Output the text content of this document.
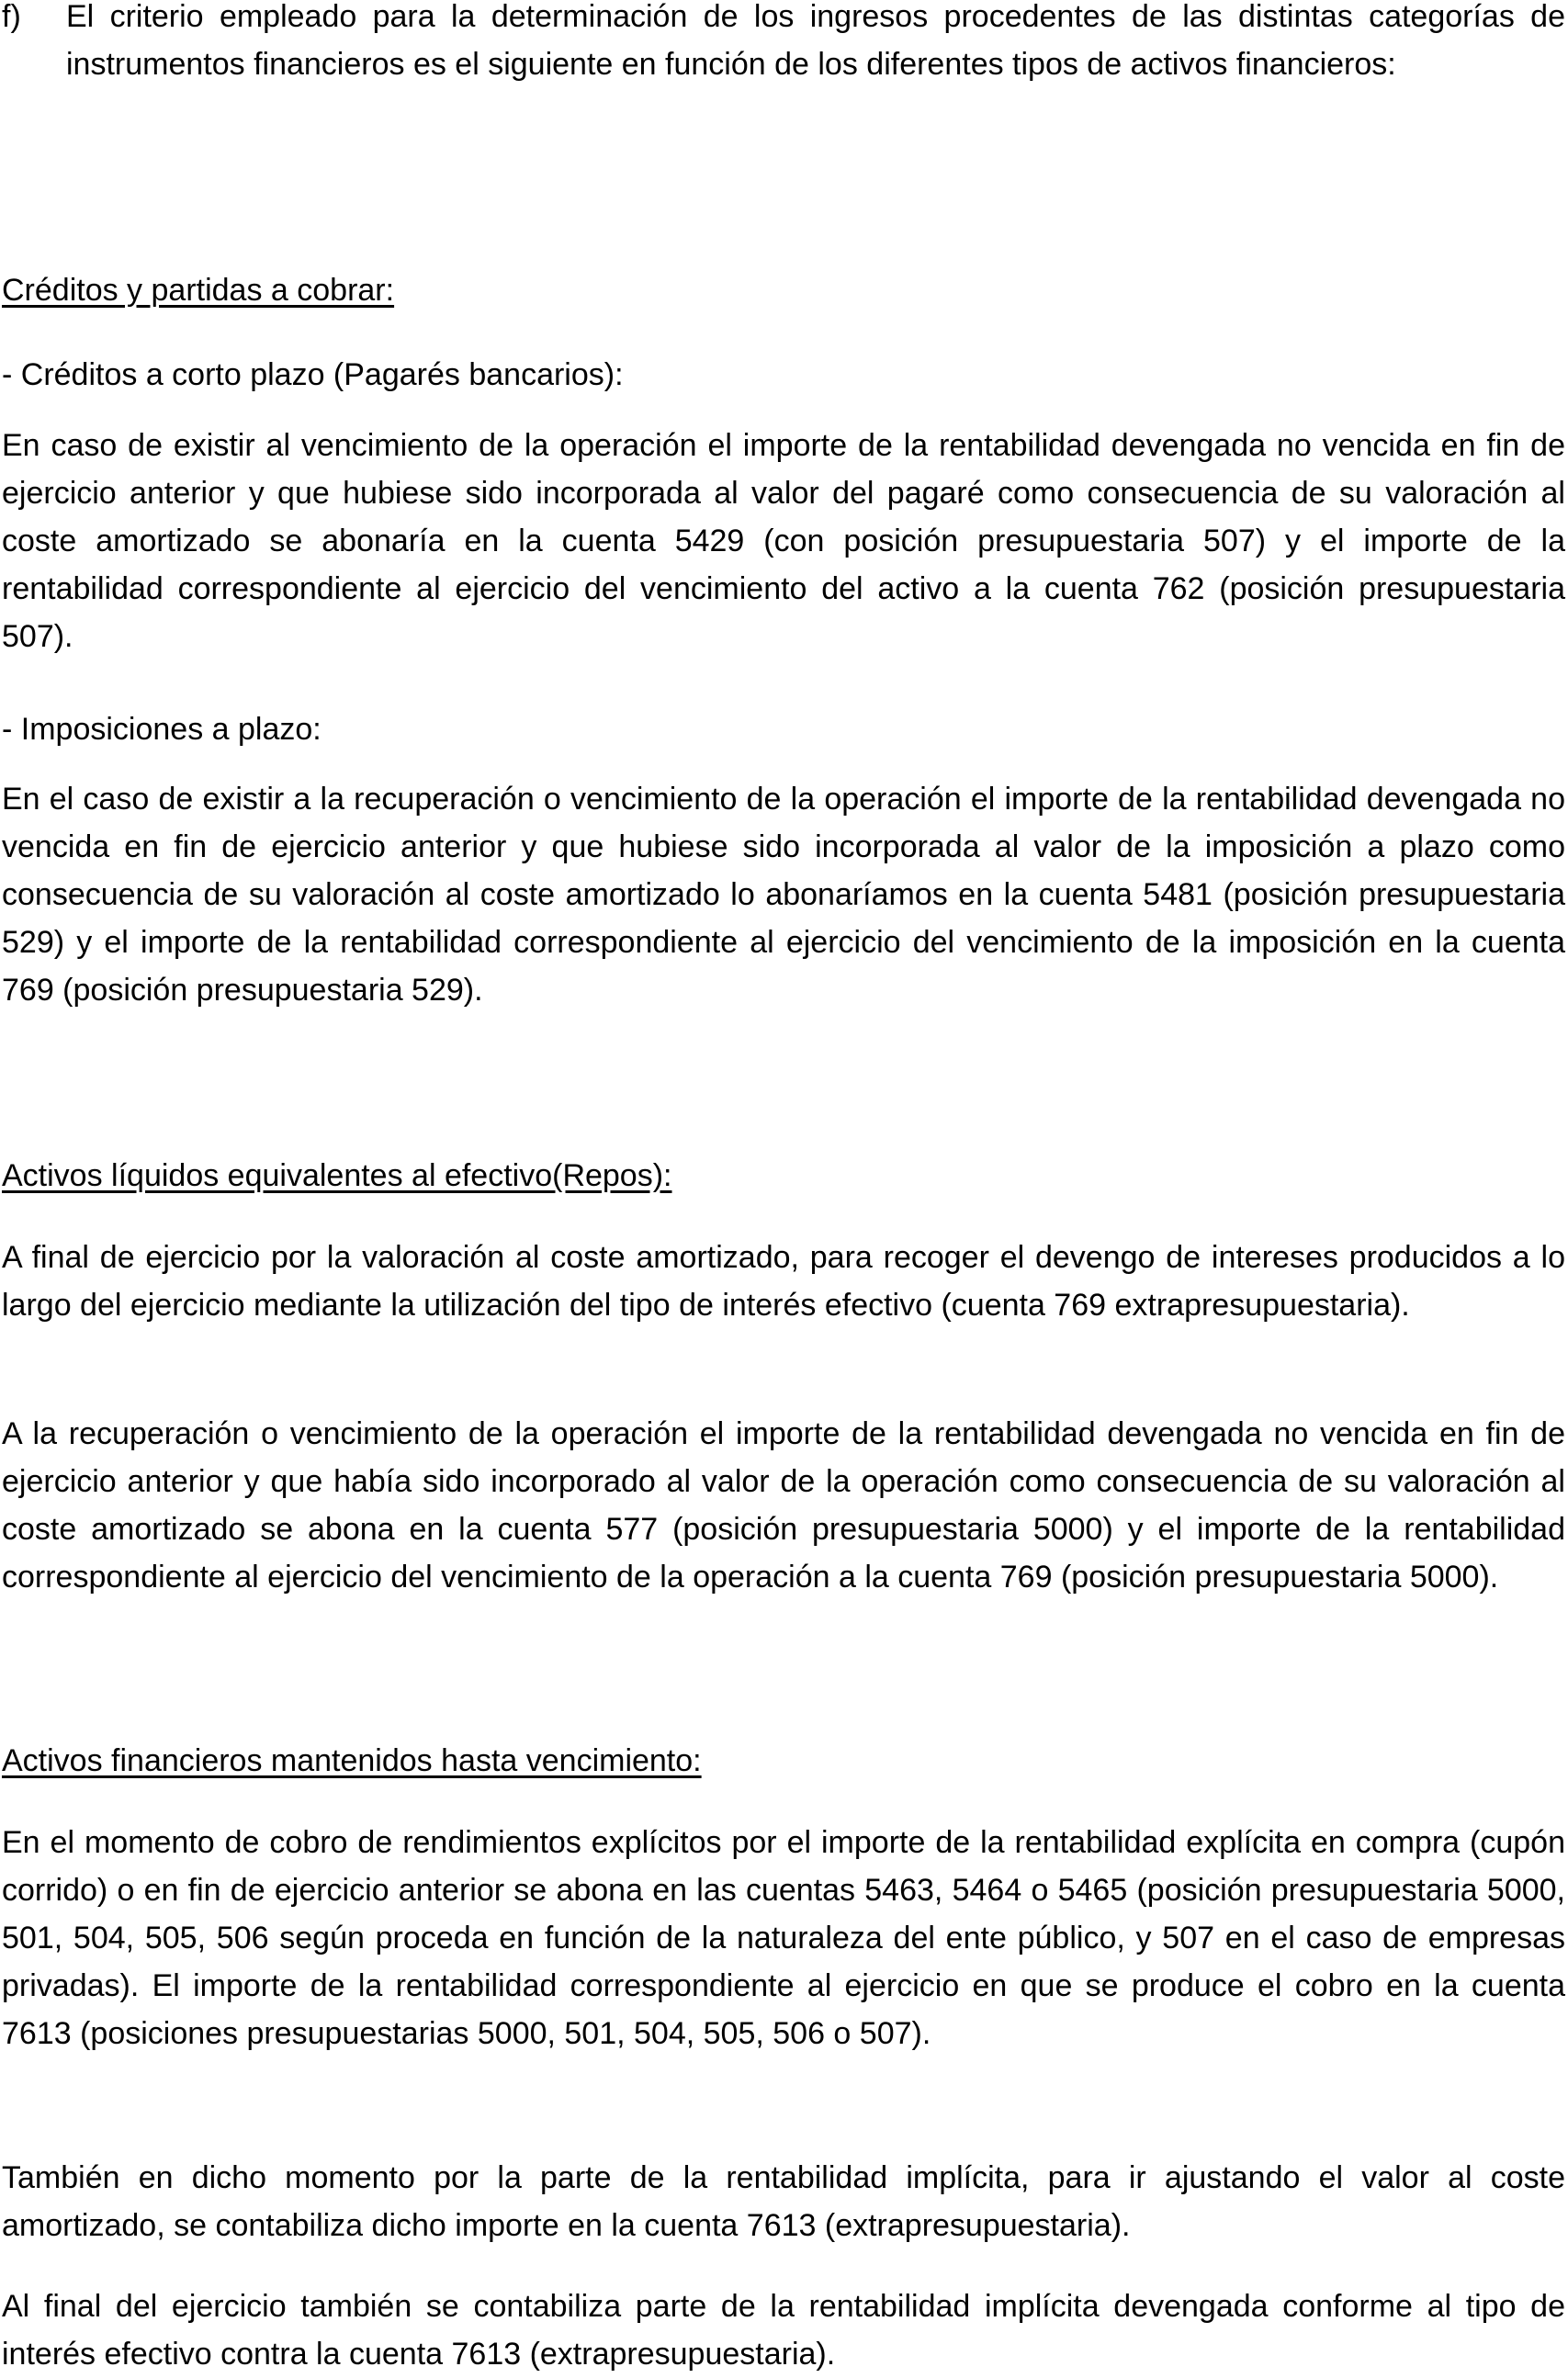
f) El criterio empleado para la determinación de los ingresos procedentes de las distintas categorías de instrumentos financieros es el siguiente en función de los diferentes tipos de activos financieros:
Créditos y partidas a cobrar:
- Créditos a corto plazo (Pagarés bancarios):
En caso de existir al vencimiento de la operación el importe de la rentabilidad devengada no vencida en fin de ejercicio anterior y que hubiese sido incorporada al valor del pagaré como consecuencia de su valoración al coste amortizado se abonaría en la cuenta 5429 (con posición presupuestaria 507) y el importe de la rentabilidad correspondiente al ejercicio del vencimiento del activo a la cuenta 762 (posición presupuestaria 507).
- Imposiciones a plazo:
En el caso de existir a la recuperación o vencimiento de la operación el importe de la rentabilidad devengada no vencida en fin de ejercicio anterior y que hubiese sido incorporada al valor de la imposición a plazo como consecuencia de su valoración al coste amortizado lo abonaríamos en la cuenta 5481 (posición presupuestaria 529) y el importe de la rentabilidad correspondiente al ejercicio del vencimiento de la imposición en la cuenta 769 (posición presupuestaria 529).
Activos líquidos equivalentes al efectivo(Repos):
A final de ejercicio por la valoración al coste amortizado, para recoger el devengo de intereses producidos a lo largo del ejercicio mediante la utilización del tipo de interés efectivo (cuenta 769 extrapresupuestaria).
A la recuperación o vencimiento de la operación el importe de la rentabilidad devengada no vencida en fin de ejercicio anterior y que había sido incorporado al valor de la operación como consecuencia de su valoración al coste amortizado se abona en la cuenta 577 (posición presupuestaria 5000) y el importe de la rentabilidad correspondiente al ejercicio del vencimiento de la operación a la cuenta 769 (posición presupuestaria 5000).
Activos financieros mantenidos hasta vencimiento:
En el momento de cobro de rendimientos explícitos por el importe de la rentabilidad explícita en compra (cupón corrido) o en fin de ejercicio anterior se abona en las cuentas 5463, 5464 o 5465 (posición presupuestaria 5000, 501, 504, 505, 506 según proceda en función de la naturaleza del ente público, y 507 en el caso de empresas privadas). El importe de la rentabilidad correspondiente al ejercicio en que se produce el cobro en la cuenta 7613 (posiciones presupuestarias 5000, 501, 504, 505, 506 o 507).
También en dicho momento por la parte de la rentabilidad implícita, para ir ajustando el valor al coste amortizado, se contabiliza dicho importe en la cuenta 7613 (extrapresupuestaria).
Al final del ejercicio también se contabiliza parte de la rentabilidad implícita devengada conforme al tipo de interés efectivo contra la cuenta 7613 (extrapresupuestaria).
